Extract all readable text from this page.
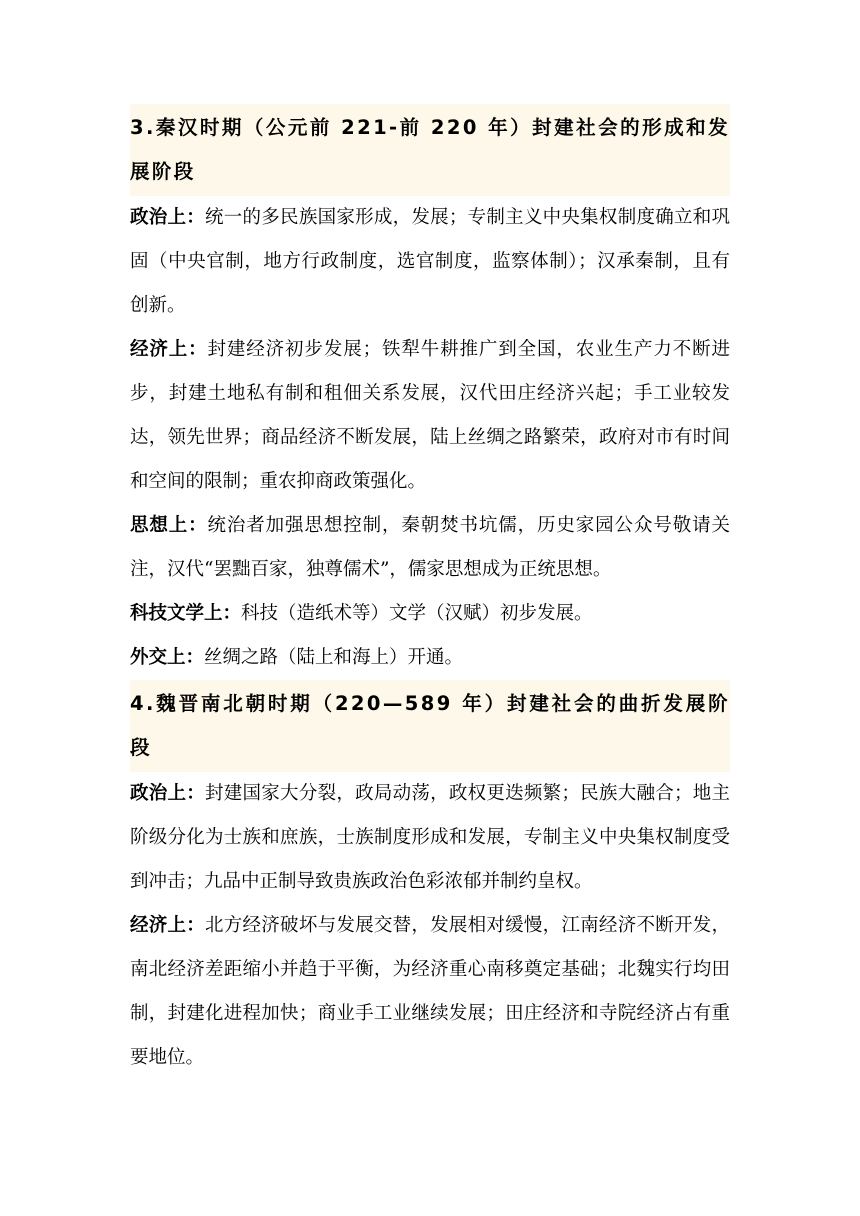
3.秦汉时期（公元前 221-前 220 年）封建社会的形成和发展阶段

政治上：统一的多民族国家形成，发展；专制主义中央集权制度确立和巩固（中央官制，地方行政制度，选官制度，监察体制）；汉承秦制，且有创新。

经济上：封建经济初步发展；铁犁牛耕推广到全国，农业生产力不断进步，封建土地私有制和租佃关系发展，汉代田庄经济兴起；手工业较发达，领先世界；商品经济不断发展，陆上丝绸之路繁荣，政府对市有时间和空间的限制；重农抑商政策强化。

思想上：统治者加强思想控制，秦朝焚书坑儒，历史家园公众号敬请关注，汉代“罢黜百家，独尊儒术”，儒家思想成为正统思想。

科技文学上：科技（造纸术等）文学（汉赋）初步发展。

外交上：丝绸之路（陆上和海上）开通。

4.魏晋南北朝时期（220—589 年）封建社会的曲折发展阶段

政治上：封建国家大分裂，政局动荡，政权更迭频繁；民族大融合；地主阶级分化为士族和庶族，士族制度形成和发展，专制主义中央集权制度受到冲击；九品中正制导致贵族政治色彩浓郁并制约皇权。

经济上：北方经济破坏与发展交替，发展相对缓慢，江南经济不断开发，南北经济差距缩小并趋于平衡，为经济重心南移奠定基础；北魏实行均田制，封建化进程加快；商业手工业继续发展；田庄经济和寺院经济占有重要地位。
